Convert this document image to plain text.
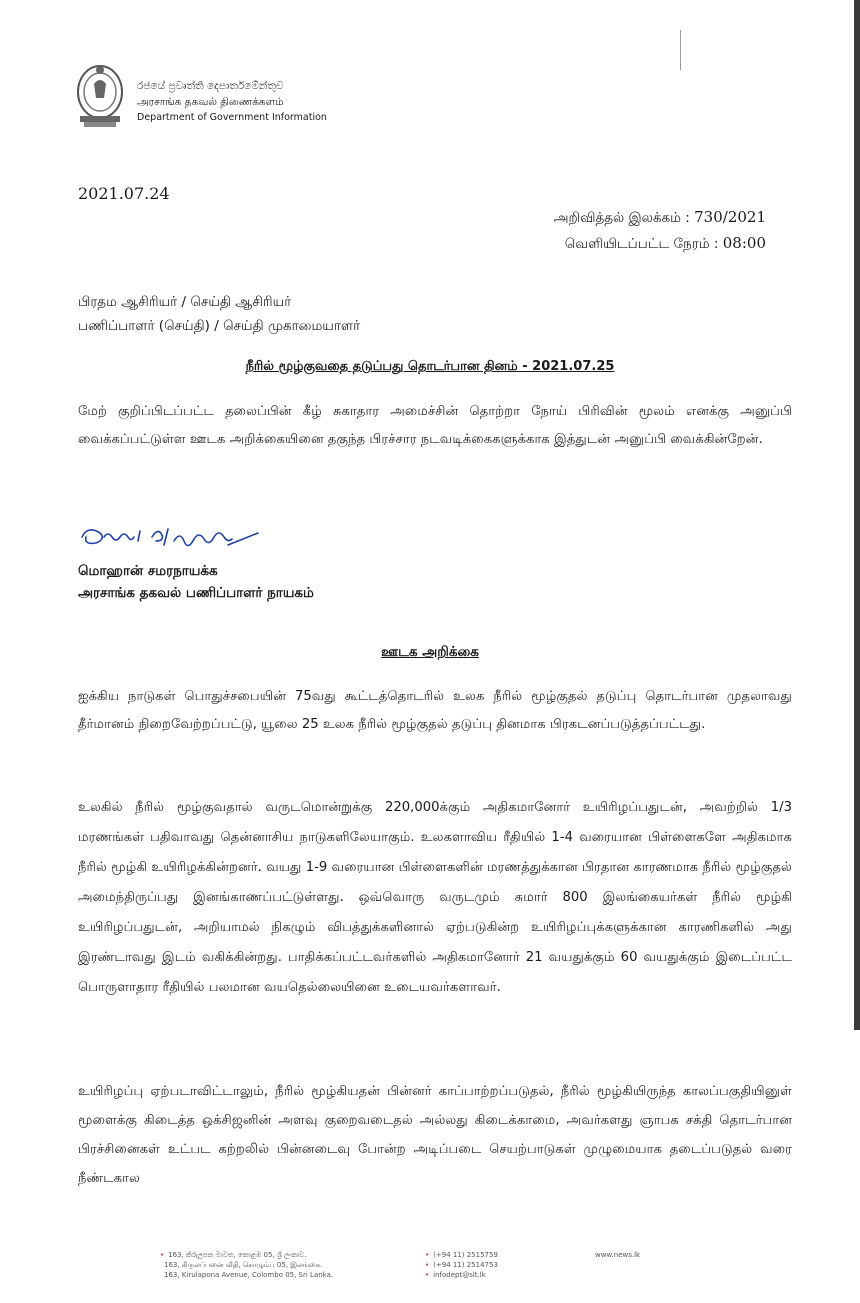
රජයේ ප්‍රවෘත්ති දෙපාර්තමේන්තුව
அரசாங்க தகவல் திணைக்களம்
Department of Government Information
2021.07.24
அறிவித்தல் இலக்கம் : 730/2021
வெளியிடப்பட்ட நேரம் : 08:00
பிரதம ஆசிரியர் / செய்தி ஆசிரியர்
பணிப்பாளர் (செய்தி) / செய்தி முகாமையாளர்
நீரில் மூழ்குவதை தடுப்பது தொடர்பான தினம் - 2021.07.25
மேற் குறிப்பிடப்பட்ட தலைப்பின் கீழ் சுகாதார அமைச்சின் தொற்றா நோய் பிரிவின் மூலம் எனக்கு அனுப்பி வைக்கப்பட்டுள்ள ஊடக அறிக்கையினை தகுந்த பிரச்சார நடவடிக்கைகளுக்காக இத்துடன் அனுப்பி வைக்கின்றேன்.
மொஹான் சமரநாயக்க
அரசாங்க தகவல் பணிப்பாளர் நாயகம்
ஊடக அறிக்கை
ஐக்கிய நாடுகள் பொதுச்சபையின் 75வது கூட்டத்தொடரில் உலக நீரில் மூழ்குதல் தடுப்பு தொடர்பான முதலாவது தீர்மானம் நிறைவேற்றப்பட்டு, யூலை 25 உலக நீரில் மூழ்குதல் தடுப்பு தினமாக பிரகடனப்படுத்தப்பட்டது.
உலகில் நீரில் மூழ்குவதால் வருடமொன்றுக்கு 220,000க்கும் அதிகமானோர் உயிரிழப்பதுடன், அவற்றில் 1/3 மரணங்கள் பதிவாவது தென்னாசிய நாடுகளிலேயாகும். உலகளாவிய ரீதியில் 1-4 வரையான பிள்ளைகளே அதிகமாக நீரில் மூழ்கி உயிரிழக்கின்றனர். வயது 1-9 வரையான பிள்ளைகளின் மரணத்துக்கான பிரதான காரணமாக நீரில் மூழ்குதல் அமைந்திருப்பது இனங்காணப்பட்டுள்ளது. ஒவ்வொரு வருடமும் சுமார் 800 இலங்கையர்கள் நீரில் மூழ்கி உயிரிழப்பதுடன், அறியாமல் நிகழும் விபத்துக்களினால் ஏற்படுகின்ற உயிரிழப்புக்களுக்கான காரணிகளில் அது இரண்டாவது இடம் வகிக்கின்றது. பாதிக்கப்பட்டவர்களில் அதிகமானோர் 21 வயதுக்கும் 60 வயதுக்கும் இடைப்பட்ட பொருளாதார ரீதியில் பலமான வயதெல்லையினை உடையவர்களாவர்.
உயிரிழப்பு ஏற்படாவிட்டாலும், நீரில் மூழ்கியதன் பின்னர் காப்பாற்றப்படுதல், நீரில் மூழ்கியிருந்த காலப்பகுதியினுள் மூளைக்கு கிடைத்த ஒக்சிஜனின் அளவு குறைவடைதல் அல்லது கிடைக்காமை, அவர்களது ஞாபக சக்தி தொடர்பான பிரச்சினைகள் உட்பட கற்றலில் பின்னடைவு போன்ற அடிப்படை செயற்பாடுகள் முழுமையாக தடைப்படுதல் வரை நீண்டகால
• 163, කිරුලපන මාවත, කොළඹ 05, ශ්‍රී ලංකාව.
163, கிருலப்பனை வீதி, கொழும்பு 05, இலங்கை.
163, Kirulapona Avenue, Colombo 05, Sri Lanka.
• (+94 11) 2515759
• (+94 11) 2514753
• infodept@slt.lk
www.news.lk
